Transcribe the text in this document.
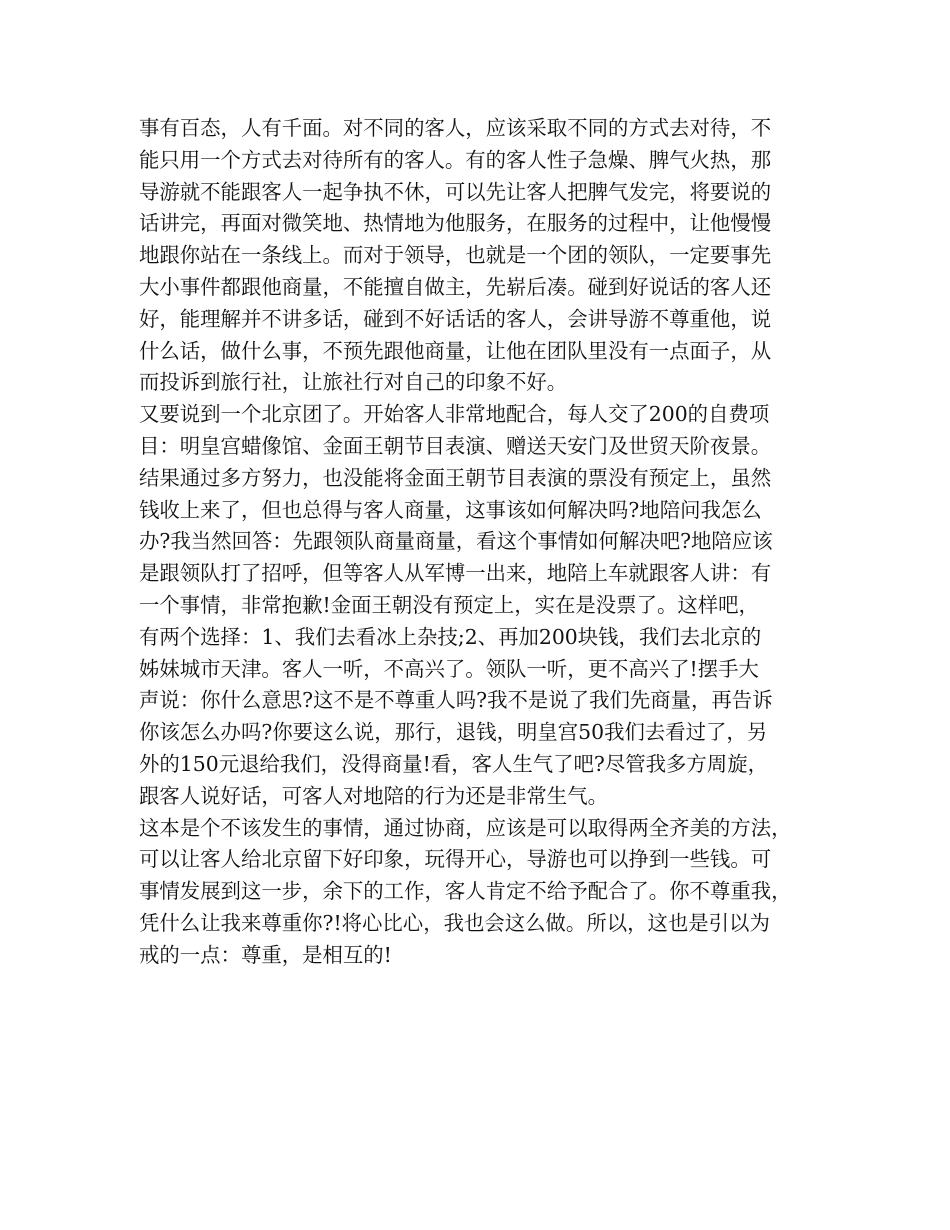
事有百态，人有千面。对不同的客人，应该采取不同的方式去对待，不
能只用一个方式去对待所有的客人。有的客人性子急燥、脾气火热，那
导游就不能跟客人一起争执不休，可以先让客人把脾气发完，将要说的
话讲完，再面对微笑地、热情地为他服务，在服务的过程中，让他慢慢
地跟你站在一条线上。而对于领导，也就是一个团的领队，一定要事先
大小事件都跟他商量，不能擅自做主，先崭后凑。碰到好说话的客人还
好，能理解并不讲多话，碰到不好话话的客人，会讲导游不尊重他，说
什么话，做什么事，不预先跟他商量，让他在团队里没有一点面子，从
而投诉到旅行社，让旅社行对自己的印象不好。
又要说到一个北京团了。开始客人非常地配合，每人交了200的自费项
目：明皇宫蜡像馆、金面王朝节目表演、赠送天安门及世贸天阶夜景。
结果通过多方努力，也没能将金面王朝节目表演的票没有预定上，虽然
钱收上来了，但也总得与客人商量，这事该如何解决吗?地陪问我怎么
办?我当然回答：先跟领队商量商量，看这个事情如何解决吧?地陪应该
是跟领队打了招呼，但等客人从军博一出来，地陪上车就跟客人讲：有
一个事情，非常抱歉!金面王朝没有预定上，实在是没票了。这样吧，
有两个选择：1、我们去看冰上杂技;2、再加200块钱，我们去北京的
姊妹城市天津。客人一听，不高兴了。领队一听，更不高兴了!摆手大
声说：你什么意思?这不是不尊重人吗?我不是说了我们先商量，再告诉
你该怎么办吗?你要这么说，那行，退钱，明皇宫50我们去看过了，另
外的150元退给我们，没得商量!看，客人生气了吧?尽管我多方周旋，
跟客人说好话，可客人对地陪的行为还是非常生气。
这本是个不该发生的事情，通过协商，应该是可以取得两全齐美的方法，
可以让客人给北京留下好印象，玩得开心，导游也可以挣到一些钱。可
事情发展到这一步，余下的工作，客人肯定不给予配合了。你不尊重我，
凭什么让我来尊重你?!将心比心，我也会这么做。所以，这也是引以为
戒的一点：尊重，是相互的!
